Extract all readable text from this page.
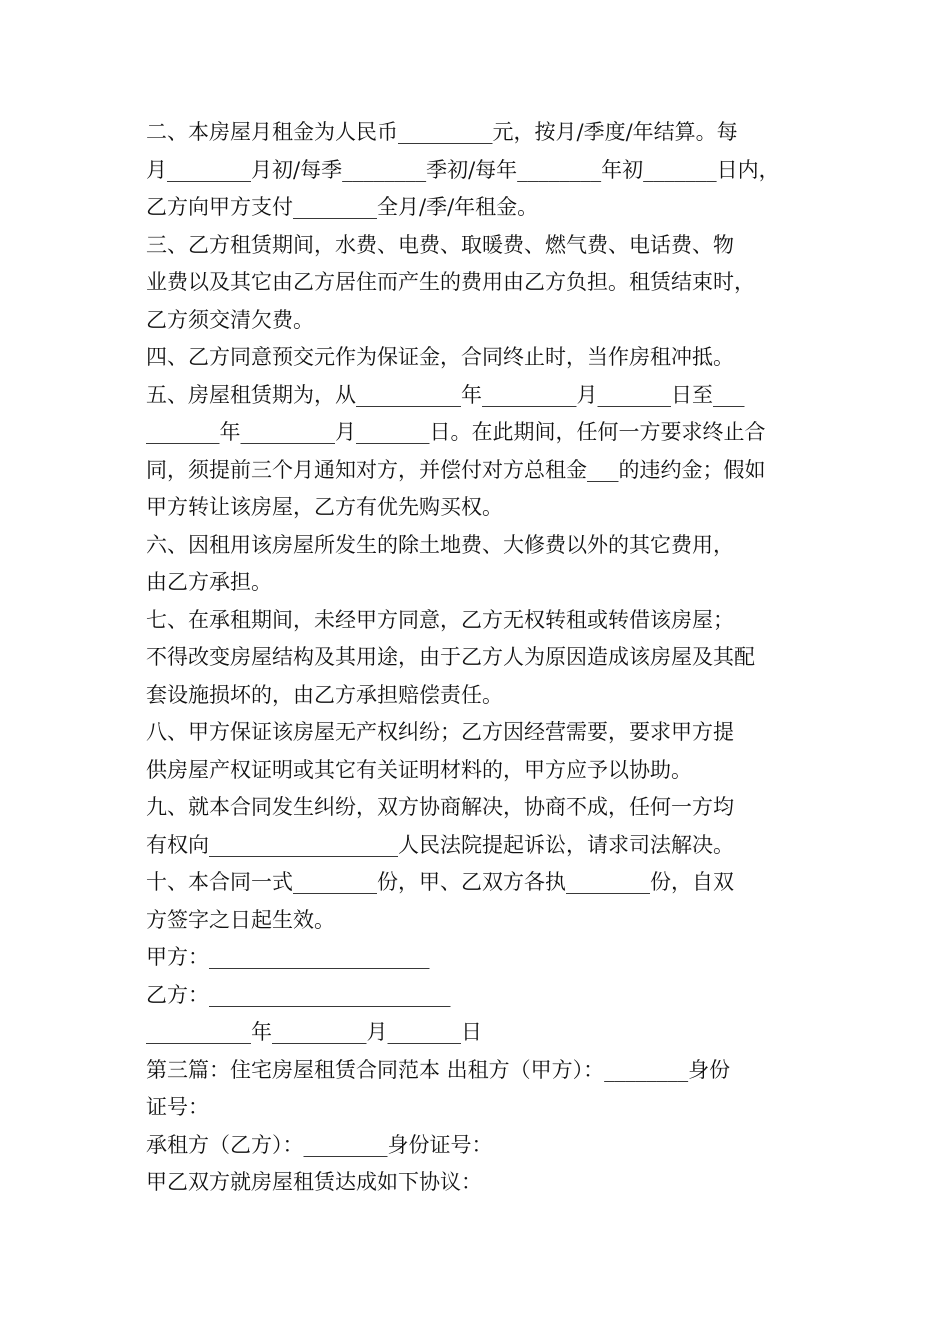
二、本房屋月租金为人民币_________元，按月/季度/年结算。每

月________月初/每季________季初/每年________年初_______日内，

乙方向甲方支付________全月/季/年租金。

三、乙方租赁期间，水费、电费、取暖费、燃气费、电话费、物

业费以及其它由乙方居住而产生的费用由乙方负担。租赁结束时，

乙方须交清欠费。

四、乙方同意预交元作为保证金，合同终止时，当作房租冲抵。

五、房屋租赁期为，从__________年_________月_______日至___

_______年_________月_______日。在此期间，任何一方要求终止合

同，须提前三个月通知对方，并偿付对方总租金___的违约金；假如

甲方转让该房屋，乙方有优先购买权。

六、因租用该房屋所发生的除土地费、大修费以外的其它费用，

由乙方承担。

七、在承租期间，未经甲方同意，乙方无权转租或转借该房屋；

不得改变房屋结构及其用途，由于乙方人为原因造成该房屋及其配

套设施损坏的，由乙方承担赔偿责任。

八、甲方保证该房屋无产权纠纷；乙方因经营需要，要求甲方提

供房屋产权证明或其它有关证明材料的，甲方应予以协助。

九、就本合同发生纠纷，双方协商解决，协商不成，任何一方均

有权向__________________人民法院提起诉讼，请求司法解决。

十、本合同一式________份，甲、乙双方各执________份，自双

方签字之日起生效。

甲方：_____________________

乙方：_______________________

__________年_________月_______日

第三篇：住宅房屋租赁合同范本 出租方（甲方）：________身份

证号：

承租方（乙方）：________身份证号：

甲乙双方就房屋租赁达成如下协议：
